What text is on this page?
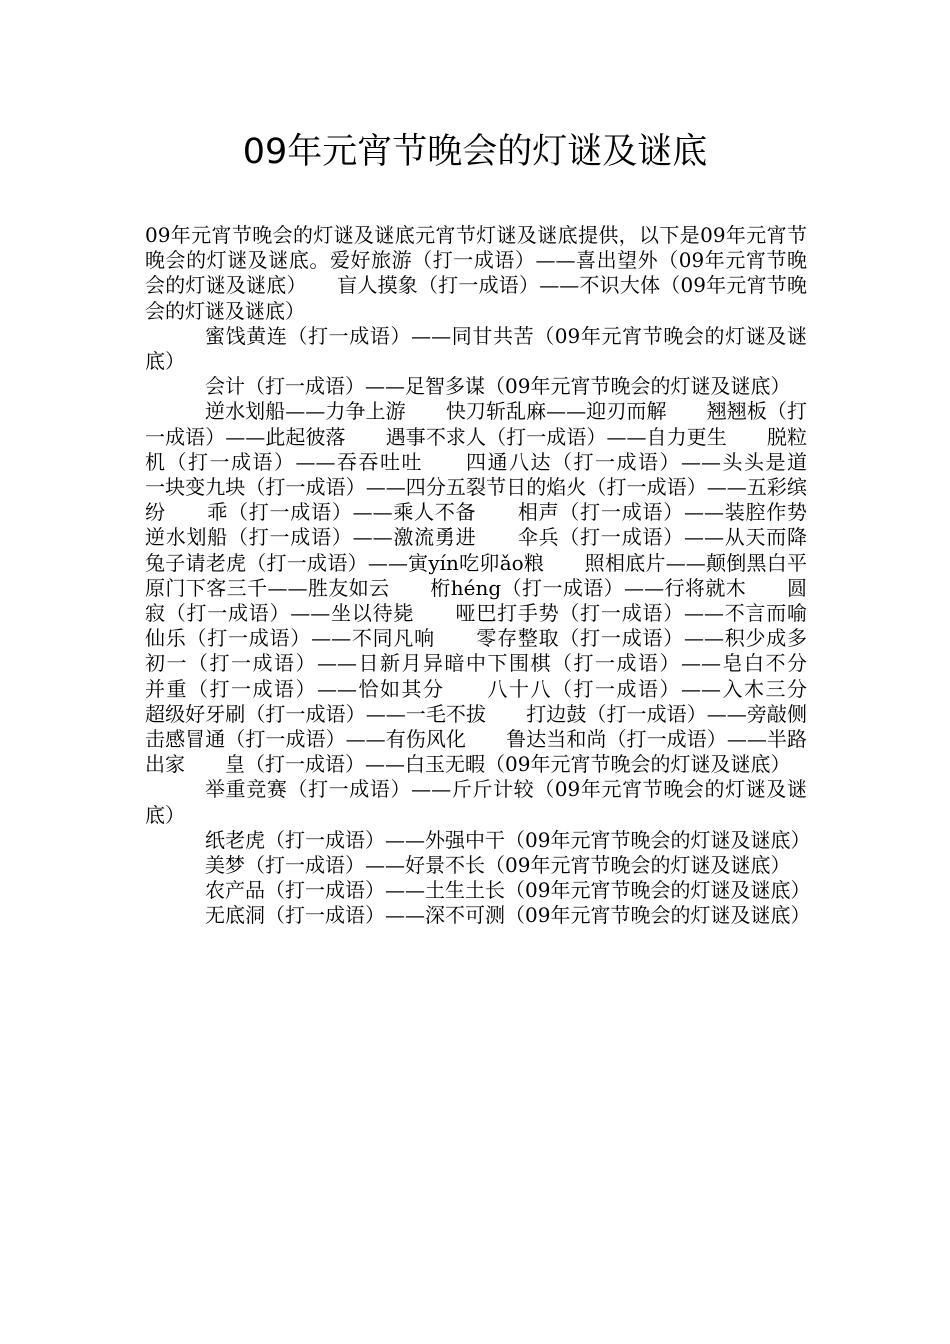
09年元宵节晚会的灯谜及谜底

09年元宵节晚会的灯谜及谜底元宵节灯谜及谜底提供，以下是09年元宵节晚会的灯谜及谜底。爱好旅游（打一成语）——喜出望外（09年元宵节晚会的灯谜及谜底）　　盲人摸象（打一成语）——不识大体（09年元宵节晚会的灯谜及谜底）

蜜饯黄连（打一成语）——同甘共苦（09年元宵节晚会的灯谜及谜底）

会计（打一成语）——足智多谋（09年元宵节晚会的灯谜及谜底）

逆水划船——力争上游　　快刀斩乱麻——迎刃而解　　翘翘板（打一成语）——此起彼落　　遇事不求人（打一成语）——自力更生　　脱粒机（打一成语）——吞吞吐吐　　四通八达（打一成语）——头头是道　　一块变九块（打一成语）——四分五裂节日的焰火（打一成语）——五彩缤纷　　乖（打一成语）——乘人不备　　相声（打一成语）——装腔作势　　逆水划船（打一成语）——激流勇进　　伞兵（打一成语）——从天而降　　兔子请老虎（打一成语）——寅yín吃卯ǎo粮　　照相底片——颠倒黑白平原门下客三千——胜友如云　　桁héng（打一成语）——行将就木　　圆寂（打一成语）——坐以待毙　　哑巴打手势（打一成语）——不言而喻　　仙乐（打一成语）——不同凡响　　零存整取（打一成语）——积少成多　　初一（打一成语）——日新月异暗中下围棋（打一成语）——皂白不分　　并重（打一成语）——恰如其分　　八十八（打一成语）——入木三分　　超级好牙刷（打一成语）——一毛不拔　　打边鼓（打一成语）——旁敲侧击感冒通（打一成语）——有伤风化　　鲁达当和尚（打一成语）——半路出家　　皇（打一成语）——白玉无暇（09年元宵节晚会的灯谜及谜底）

举重竞赛（打一成语）——斤斤计较（09年元宵节晚会的灯谜及谜底）

纸老虎（打一成语）——外强中干（09年元宵节晚会的灯谜及谜底）

美梦（打一成语）——好景不长（09年元宵节晚会的灯谜及谜底）

农产品（打一成语）——土生土长（09年元宵节晚会的灯谜及谜底）

无底洞（打一成语）——深不可测（09年元宵节晚会的灯谜及谜底）
